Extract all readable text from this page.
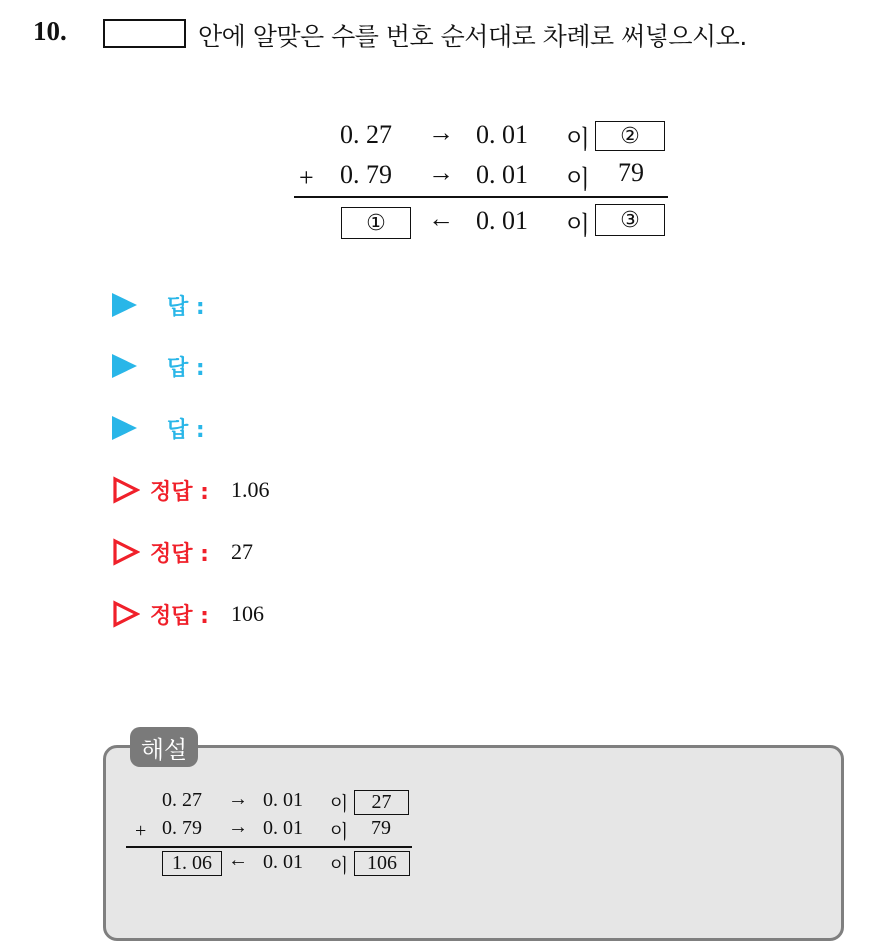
10.	안에 알맞은 수를 번호 순서대로 차례로 써넣으시오.
0. 27 → 0. 01 이	②
+ 0. 79 → 0. 01 이 79
①	← 0. 01 이	③
답 :
답 :
답 :
정답 : 1.06
정답 : 27
정답 : 106
해설
0. 27 → 0. 01 이	27
+ 0. 79 → 0. 01 이 79
1. 06 ← 0. 01 이 106
